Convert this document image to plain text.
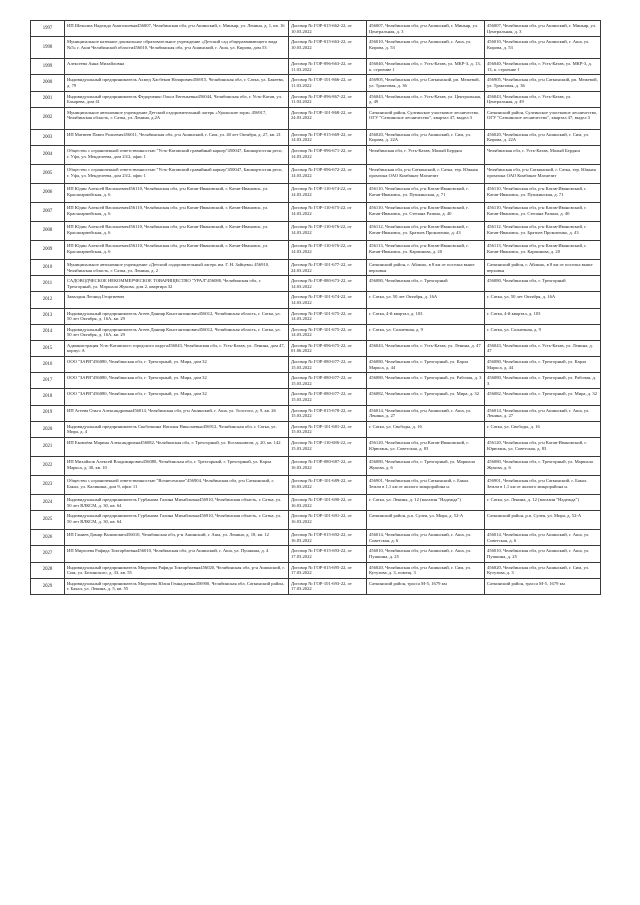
1997	ИП Шеколиа Надежда Анатольевна456007, Челябинская обл, р-н Ашинский, г. Миньяр, ул. Ленина, д. 1, кв. 16	Договор № ГОР-015-662-22, от 10.03.2022	456007, Челябинская обл, р-н Ашинский, г. Миньяр, ул. Центральная, д. 3	456007, Челябинская обл, р-н Ашинский, г. Миньяр, ул. Центральная, д. 3
1998	Муниципальное казенное дошкольное образовательное учреждение «Детский сад общеразвивающего вида №5» г. Аши Челябинской области456010, Челябинская обл, р-н Ашинский, г. Аша, ул. Кирова, дом 53	Договор № ГОР-015-663-22, от 10.03.2022	456010, Челябинская обл, р-н Ашинский, г. Аша, ул. Кирова, д. 53	456010, Челябинская обл, р-н Ашинский, г. Аша, ул. Кирова, д. 53
1999	Алексеева Анна Михайловна	Договор № ГОР-096-663-22, от 11.03.2022	456040, Челябинская обл, г. Усть-Катав, ул. МКР-3, д. 13, к. строение 1	456040, Челябинская обл, г. Усть-Катав, ул. МКР-3, д. 13, к. строение 1
2000	Индивидуальный предприниматель Ахмед Хасбеков Назирович456915, Челябинская обл, г. Сатка, ул. Бакеева, д. 79	Договор № ГОР-101-866-22, от 11.03.2022	456905, Челябинская обл, р-н Саткинский, рп. Межевой, ул. Трактовая, д. 36	456905, Челябинская обл, р-н Саткинский, рп. Межевой, ул. Трактовая, д. 36
2001	Индивидуальный предприниматель Федорченко Ольга Евгеньевна456044, Челябинская обл, г. Усть-Катав, ул. Бахарева, дом 41	Договор № ГОР-096-867-22, от 11.03.2022	456043, Челябинская обл, г. Усть-Катав, ул. Центральная, д. 49	456043, Челябинская обл, г. Усть-Катав, ул. Центральная, д. 49
2002	Муниципальное автономное учреждение Детский оздоровительный лагерь «Уральские зори» 456917, Челябинская область, г. Сатка, ул. Ленина, д.2А	Договор № ГОР-101-868-22, от 24.03.2022	Саткинский район, Сулеинское участковое лесничество, ОГУ "Саткинское лесничество", квартал 47, выдел 3	Саткинский район, Сулеинское участковое лесничество, ОГУ "Саткинское лесничество", квартал 47, выдел 3
2003	ИП Матвеев Павел Рольевич456011, Челябинская обл, р-н Ашинский, г. Сим, ул. 40 лет Октября, д. 27, кв. 21	Договор № ГОР-015-669-22, от 14.03.2022	456020, Челябинская обл, р-н Ашинский, г. Сим, ул. Кирова, д. 22А	456020, Челябинская обл, р-н Ашинский, г. Сим, ул. Кирова, д. 22А
2004	Общество с ограниченной ответственностью "Усть-Катавский гравийный карьер"450047, Башкортостан респ, г. Уфа, ул. Менделеева, дом 23/2, офис 1	Договор № ГОР-096-671-22, от 14.03.2022	Челябинская обл, г. Усть-Катав, Малый Бердяш	Челябинская обл, г. Усть-Катав, Малый Бердяш
2005	Общество с ограниченной ответственностью "Усть-Катавский гравийный карьер"450047, Башкортостан респ, г. Уфа, ул. Менделеева, дом 23/2, офис 1	Договор № ГОР-096-672-22, от 14.03.2022	Челябинская обл, р-н Саткинский, г. Сатка, тер. Южная промзона ОАО Комбинат Магнезит	Челябинская обл, р-н Саткинский, г. Сатка, тер. Южная промзона ОАО Комбинат Магнезит
2006	ИП Юдин Алексей Васильевич456110, Челябинская обл, р-н Катав-Ивановский, г. Катав-Ивановск, ул. Красноармейская, д. 6	Договор № ГОР-110-674-22, от 14.03.2022	456110, Челябинская обл, р-н Катав-Ивановский, г. Катав-Ивановск, ул. Пушкинская, д. 71	456110, Челябинская обл, р-н Катав-Ивановский, г. Катав-Ивановск, ул. Пушкинская, д. 71
2007	ИП Юдин Алексей Васильевич456110, Челябинская обл, р-н Катав-Ивановский, г. Катав-Ивановск, ул. Красноармейская, д. 6	Договор № ГОР-110-675-22, от 14.03.2022	456110, Челябинская обл, р-н Катав-Ивановский, г. Катав-Ивановск, ул. Степана Разина, д. 40	456110, Челябинская обл, р-н Катав-Ивановский, г. Катав-Ивановск, ул. Степана Разина, д. 40
2008	ИП Юдин Алексей Васильевич456110, Челябинская обл, р-н Катав-Ивановский, г. Катав-Ивановск, ул. Красноармейская, д. 6	Договор № ГОР-110-676-22, от 14.03.2022	456112, Челябинская обл, р-н Катав-Ивановский, г. Катав-Ивановск, ул. Братьев Прокопенко, д. 43	456112, Челябинская обл, р-н Катав-Ивановский, г. Катав-Ивановск, ул. Братьев Прокопенко, д. 43
2009	ИП Юдин Алексей Васильевич456110, Челябинская обл, р-н Катав-Ивановский, г. Катав-Ивановск, ул. Красноармейская, д. 6	Договор № ГОР-110-676-22, от 14.03.2022	456113, Челябинская обл, р-н Катав-Ивановский, г. Катав-Ивановск, ул. Карпинова, д. 20	456113, Челябинская обл, р-н Катав-Ивановский, г. Катав-Ивановск, ул. Карпинова, д. 20
2010	Муниципальное автономное учреждение «Детский оздоровительный лагерь им. Г. Н. Зайцева» 456910, Челябинская область, г. Сатка, ул. Ленина, д. 2	Договор № ГОР-101-677-22, от 24.03.2022	Саткинский район, г. Айлино, в 8 км от поселка выше верховья	Саткинский район, г. Айлино, в 8 км от поселка выше верховья
2011	САДОВОДЧЕСКОЕ НЕКОММЕРЧЕСКОЕ ТОВАРИЩЕСТВО "УРАЛ"456080, Челябинская обл, г. Трехгорный, ул. Маршала Жукова, дом 2, квартира 32	Договор № ГОР-080-673-22, от 14.03.2022	456080, Челябинская обл, г. Трехгорный	456080, Челябинская обл, г. Трехгорный
2012	Завалдин Леонид Георгиевич	Договор № ГОР-101-674-22, от 14.03.2022	г. Сатка, ул. 50 лет Октября, д. 16А	г. Сатка, ул. 50 лет Октября, д. 16А
2013	Индивидуальный предприниматель Агеев Данияр Константинович456012, Челябинская область, г. Сатка, ул. 50 лет Октября, д. 16А, кв. 29	Договор № ГОР-101-675-22, от 14.03.2022	г. Сатка, 4-й квартал, д. 103	г. Сатка, 4-й квартал, д. 103
2014	Индивидуальный предприниматель Агеев Данияр Константинович456012, Челябинская область, г. Сатка, ул. 50 лет Октября, д. 16А, кв. 29	Договор № ГОР-101-675-22, от 14.03.2022	г. Сатка, ул. Солнечная, д. 9	г. Сатка, ул. Солнечная, д. 9
2015	Администрация Усть-Катавского городского округа456043, Челябинская обл, г. Усть-Катав, ул. Ленина, дом 47, корпус А	Договор № ГОР-096-675-22, от 01.06.2022	456043, Челябинская обл, г. Усть-Катав, ул. Ленина, д. 47	456043, Челябинская обл, г. Усть-Катав, ул. Ленина, д. 47
2016	ООО "ЗАРЯ"456080, Челябинская обл, г. Трехгорный, ул. Мира, дом 32	Договор № ГОР-080-677-22, от 15.03.2022	456080, Челябинская обл, г. Трехгорный, ул. Карла Маркса, д. 44	456080, Челябинская обл, г. Трехгорный, ул. Карла Маркса, д. 44
2017	ООО "ЗАРЯ"456080, Челябинская обл, г. Трехгорный, ул. Мира, дом 32	Договор № ГОР-080-677-22, от 15.03.2022	456080, Челябинская обл, г. Трехгорный, ул. Рабочая, д. 3	456080, Челябинская обл, г. Трехгорный, ул. Рабочая, д. 3
2018	ООО "ЗАРЯ"456080, Челябинская обл, г. Трехгорный, ул. Мира, дом 32	Договор № ГОР-080-677-22, от 15.03.2022	456082, Челябинская обл, г. Трехгорный, ул. Мира, д. 32	456082, Челябинская обл, г. Трехгорный, ул. Мира, д. 32
2019	ИП Агеева Ольга Александровна456014, Челябинская обл, р-н Ашинский, г. Аша, ул. Толстого, д. 9, кв. 26	Договор № ГОР-015-678-22, от 15.03.2022	456014, Челябинская обл, р-н Ашинский, г. Аша, ул. Ленина, д. 27	456014, Челябинская обл, р-н Ашинский, г. Аша, ул. Ленина, д. 27
2020	Индивидуальный предприниматель Скобочкина Наталья Николаевна456912, Челябинская обл, г. Сатка, ул. Мира, д. 4	Договор № ГОР-101-681-22, от 15.03.2022	г. Сатка, ул. Свободы, д. 16	г. Сатка, ул. Свободы, д. 16
2021	ИП Ековлёва Марина Александровна456082, Челябинская обл, г. Трехгорный, ул. Космонавтов, д. 20, кв. 142	Договор № ГОР-110-686-22, от 15.03.2022	456120, Челябинская обл, р-н Катав-Ивановский, г. Юрюзань, ул. Советская, д. 83	456120, Челябинская обл, р-н Катав-Ивановский, г. Юрюзань, ул. Советская, д. 83
2022	ИП Михайлов Алексей Владимирович456080, Челябинская обл, г. Трехгорный, г. Трехгорный, ул. Карла Маркса, д. 30, кв. 10	Договор № ГОР-080-687-22, от 16.03.2022	456080, Челябинская обл, г. Трехгорный, ул. Маршала Жукова, д. 6	456080, Челябинская обл, г. Трехгорный, ул. Маршала Жукова, д. 6
2023	Общество с ограниченной ответственностью "Вознесенское"456904, Челябинская обл, р-н Саткинский, г. Бакал, ул. Калинина, дом 9, офис 11	Договор № ГОР-101-689-22, от 16.03.2022	456901, Челябинская обл, р-н Саткинский, г. Бакал. Земли в 1,1 км от жилого микрорайона н.	456901, Челябинская обл, р-н Саткинский, г. Бакал. Земли в 1,1 км от жилого микрорайона н.
2024	Индивидуальный предприниматель Гурбанова Галина Михайловна456910, Челябинская область, г. Сатка, ул. 50 лет ВЛКСМ, д. 30, кв. 64	Договор № ГОР-101-690-22, от 16.03.2022	г. Сатка, ул. Ленина, д. 12 (магазин "Надежда")	г. Сатка, ул. Ленина, д. 12 (магазин "Надежда")
2025	Индивидуальный предприниматель Гурбанова Галина Михайловна456910, Челябинская область, г. Сатка, ул. 50 лет ВЛКСМ, д. 30, кв. 64	Договор № ГОР-101-691-22, от 16.03.2022	Саткинский район, р.п. Сулея, ул. Мира, д. 52-А	Саткинский район, р.п. Сулея, ул. Мира, д. 52-А
2026	ИП Ганиев Дамир Валимович456010, Челябинская обл, р-н Ашинский, г. Аша, ул. Ленина, д. 18, кв. 12	Договор № ГОР-015-692-22, от 16.03.2022	456014, Челябинская обл, р-н Ашинский, г. Аша, ул. Советская, д. 6	456014, Челябинская обл, р-н Ашинский, г. Аша, ул. Советская, д. 6
2027	ИП Мирзоева Рафида Токтарбаевна456010, Челябинская обл, р-н Ашинский, г. Аша, ул. Пушкина, д. 4	Договор № ГОР-015-693-22, от 17.03.2022	456010, Челябинская обл, р-н Ашинский, г. Аша, ул. Пушкина, д. 25	456010, Челябинская обл, р-н Ашинский, г. Аша, ул. Пушкина, д. 25
2028	Индивидуальный предприниматель Мирзоева Рафида Токтарбаевна456020, Челябинская обл, р-н Ашинский, г. Сим, ул. Белинского, д. 33, кв. 55	Договор № ГОР-015-695-22, от 17.03.2022	456020, Челябинская обл, р-н Ашинский, г. Сим, ул. Кутузова, д. 3, помещ. 3	456020, Челябинская обл, р-н Ашинский, г. Сим, ул. Кутузова, д. 3
2029	Индивидуальный предприниматель Мирзоева Юлия Геннадьевна456900, Челябинская обл, Саткинский район, г. Бакал, ул. Ленина, д. 5, кв. 55	Договор № ГОР-101-693-22, от 17.03.2022	Саткинский район, трасса М-5, 1679 км	Саткинский район, трасса М-5, 1679 км
